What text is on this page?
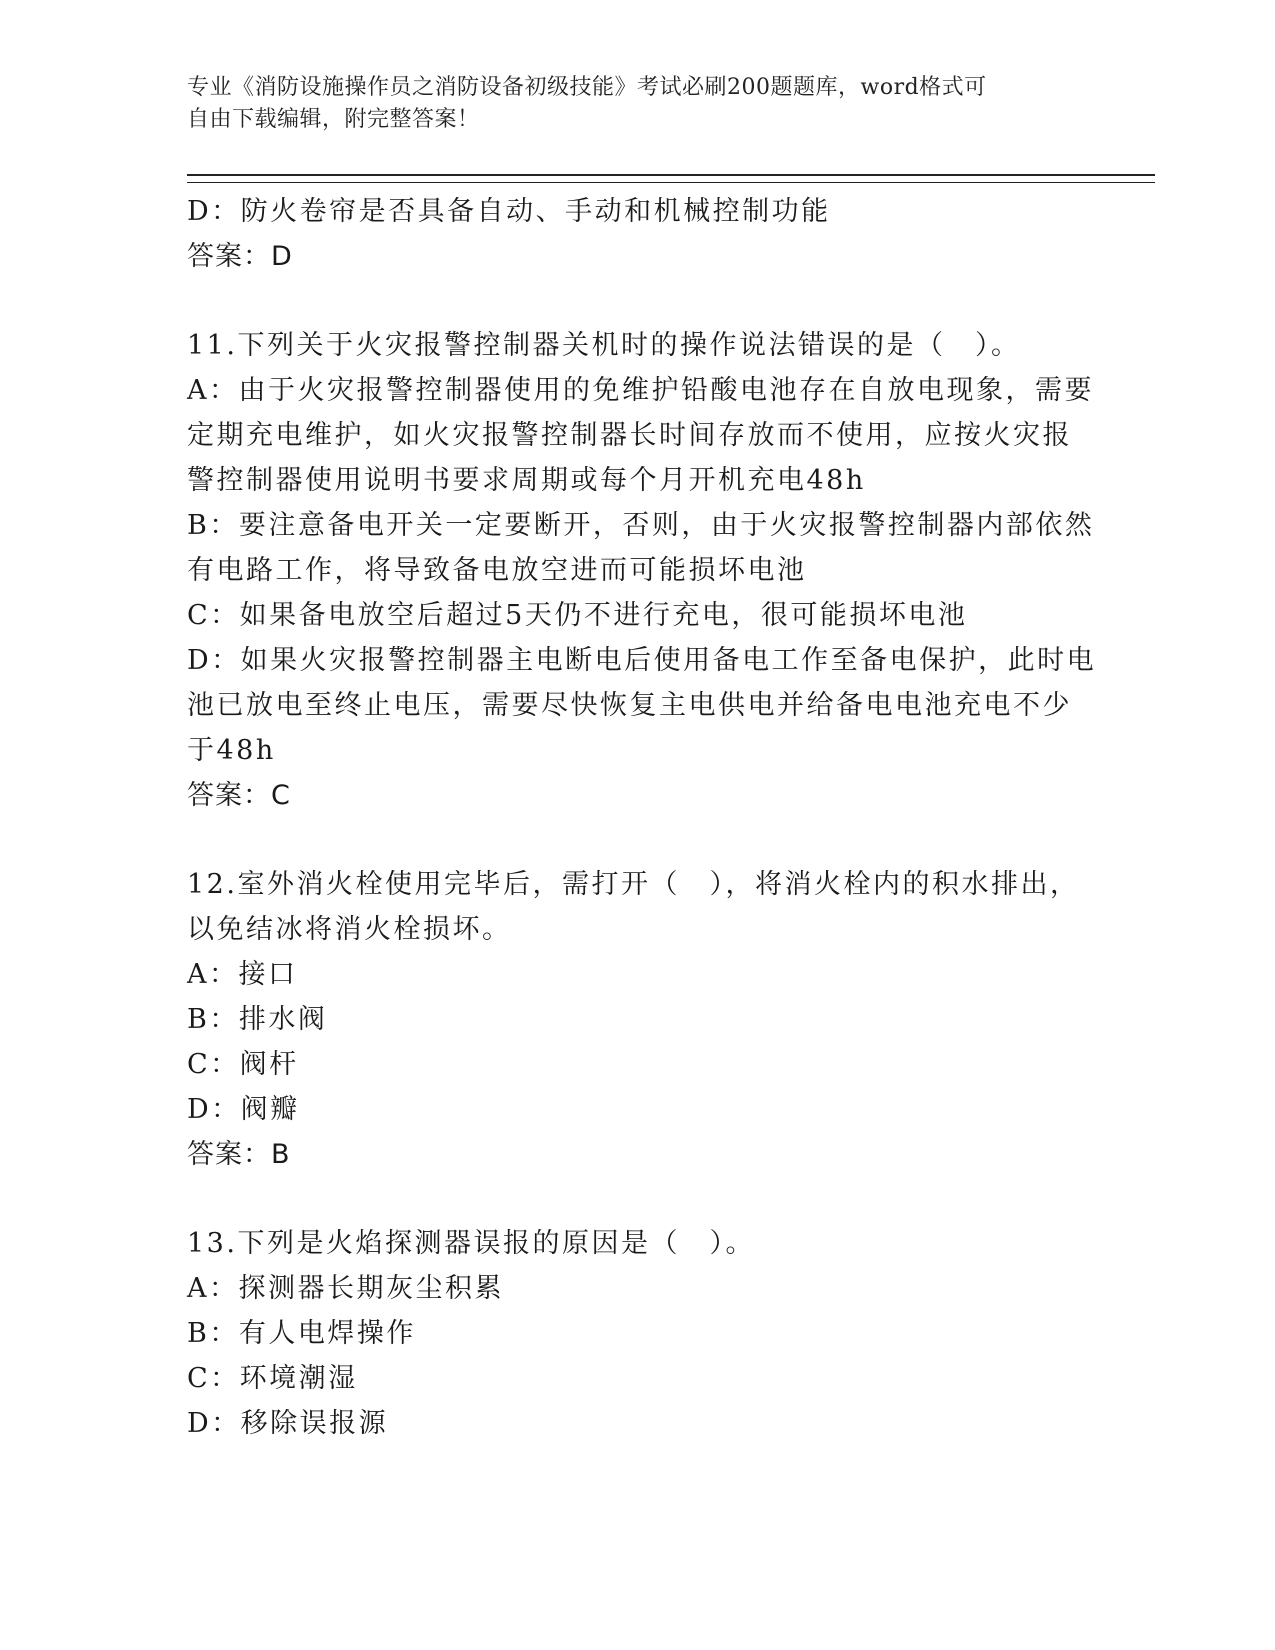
专业《消防设施操作员之消防设备初级技能》考试必刷200题题库，word格式可
自由下载编辑，附完整答案！
D：防火卷帘是否具备自动、手动和机械控制功能
答案：D
11.下列关于火灾报警控制器关机时的操作说法错误的是（　）。
A：由于火灾报警控制器使用的免维护铅酸电池存在自放电现象，需要
定期充电维护，如火灾报警控制器长时间存放而不使用，应按火灾报
警控制器使用说明书要求周期或每个月开机充电48h
B：要注意备电开关一定要断开，否则，由于火灾报警控制器内部依然
有电路工作，将导致备电放空进而可能损坏电池
C：如果备电放空后超过5天仍不进行充电，很可能损坏电池
D：如果火灾报警控制器主电断电后使用备电工作至备电保护，此时电
池已放电至终止电压，需要尽快恢复主电供电并给备电电池充电不少
于48h
答案：C
12.室外消火栓使用完毕后，需打开（　），将消火栓内的积水排出，
以免结冰将消火栓损坏。
A：接口
B：排水阀
C：阀杆
D：阀瓣
答案：B
13.下列是火焰探测器误报的原因是（　）。
A：探测器长期灰尘积累
B：有人电焊操作
C：环境潮湿
D：移除误报源
